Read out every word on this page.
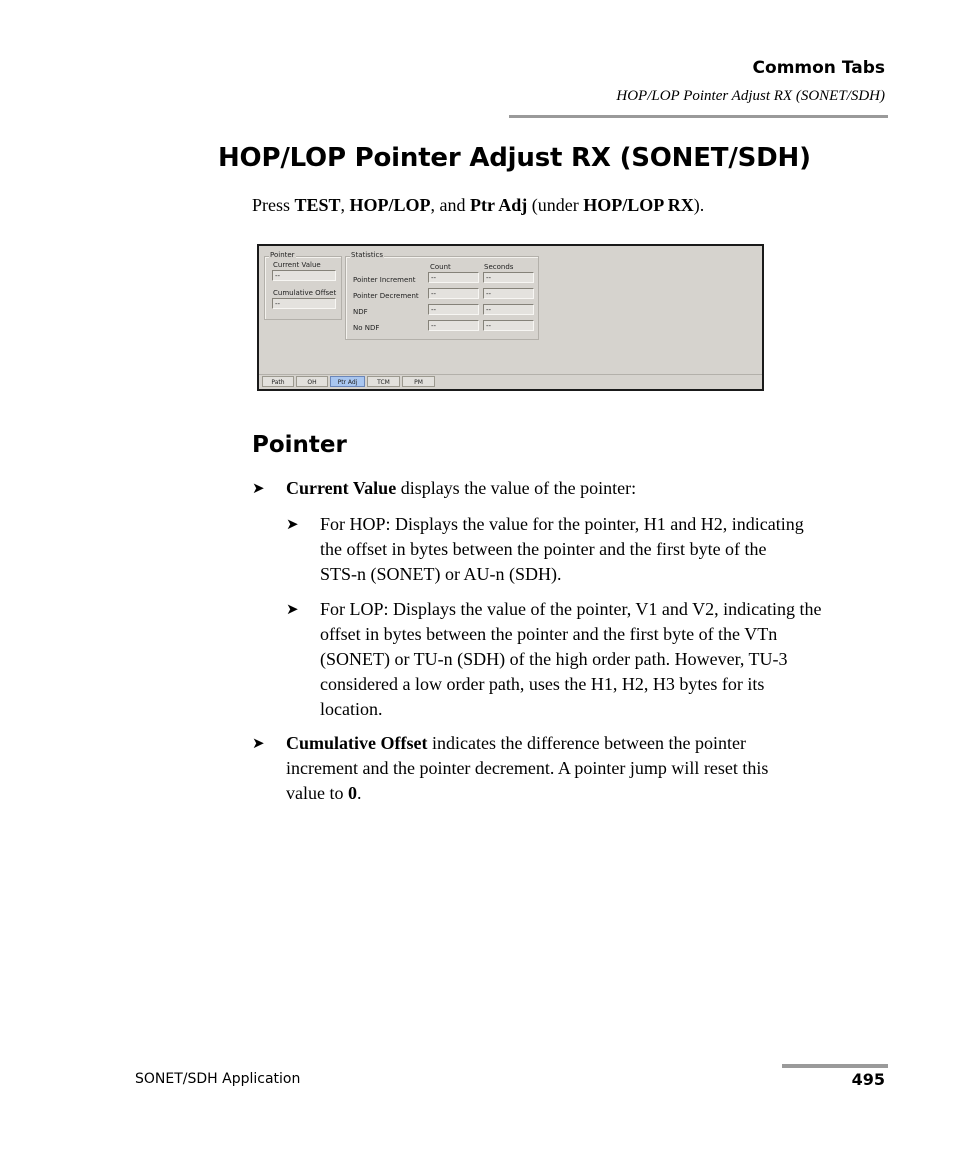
Common Tabs
HOP/LOP Pointer Adjust RX (SONET/SDH)
HOP/LOP Pointer Adjust RX (SONET/SDH)
Press TEST, HOP/LOP, and Ptr Adj (under HOP/LOP RX).
Pointer
Current Value
--
Cumulative Offset
--
Statistics
Count	Seconds
Pointer Increment	--	--
Pointer Decrement	--	--
NDF	--	--
No NDF	--	--
Path	OH	Ptr Adj	TCM	PM
Pointer
➤ Current Value displays the value of the pointer:
➤ For HOP: Displays the value for the pointer, H1 and H2, indicating
the offset in bytes between the pointer and the first byte of the
STS-n (SONET) or AU-n (SDH).
➤ For LOP: Displays the value of the pointer, V1 and V2, indicating the
offset in bytes between the pointer and the first byte of the VTn
(SONET) or TU-n (SDH) of the high order path. However, TU-3
considered a low order path, uses the H1, H2, H3 bytes for its
location.
➤ Cumulative Offset indicates the difference between the pointer
increment and the pointer decrement. A pointer jump will reset this
value to 0.
SONET/SDH Application	495
